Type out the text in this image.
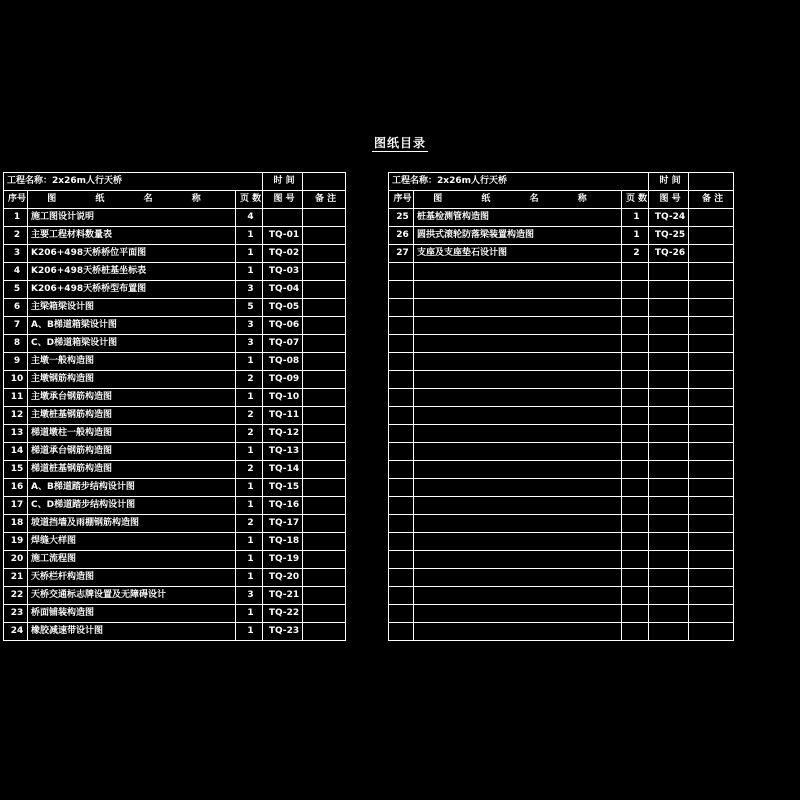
图纸目录
工程名称：2x26m人行天桥			时 间	
序号	图 纸 名 称	页 数	图 号	备 注
1	施工图设计说明	4		
2	主要工程材料数量表	1	TQ-01	
3	K206+498天桥桥位平面图	1	TQ-02	
4	K206+498天桥桩基坐标表	1	TQ-03	
5	K206+498天桥桥型布置图	3	TQ-04	
6	主梁箱梁设计图	5	TQ-05	
7	A、B梯道箱梁设计图	3	TQ-06	
8	C、D梯道箱梁设计图	3	TQ-07	
9	主墩一般构造图	1	TQ-08	
10	主墩钢筋构造图	2	TQ-09	
11	主墩承台钢筋构造图	1	TQ-10	
12	主墩桩基钢筋构造图	2	TQ-11	
13	梯道墩柱一般构造图	2	TQ-12	
14	梯道承台钢筋构造图	1	TQ-13	
15	梯道桩基钢筋构造图	2	TQ-14	
16	A、B梯道踏步结构设计图	1	TQ-15	
17	C、D梯道踏步结构设计图	1	TQ-16	
18	坡道挡墙及雨棚钢筋构造图	2	TQ-17	
19	焊缝大样图	1	TQ-18	
20	施工流程图	1	TQ-19	
21	天桥栏杆构造图	1	TQ-20	
22	天桥交通标志牌设置及无障碍设计	3	TQ-21	
23	桥面铺装构造图	1	TQ-22	
24	橡胶减速带设计图	1	TQ-23	
工程名称：2x26m人行天桥			时 间	
序号	图 纸 名 称	页 数	图 号	备 注
25	桩基检测管构造图	1	TQ-24	
26	圆拱式滚轮防落梁装置构造图	1	TQ-25	
27	支座及支座垫石设计图	2	TQ-26	
